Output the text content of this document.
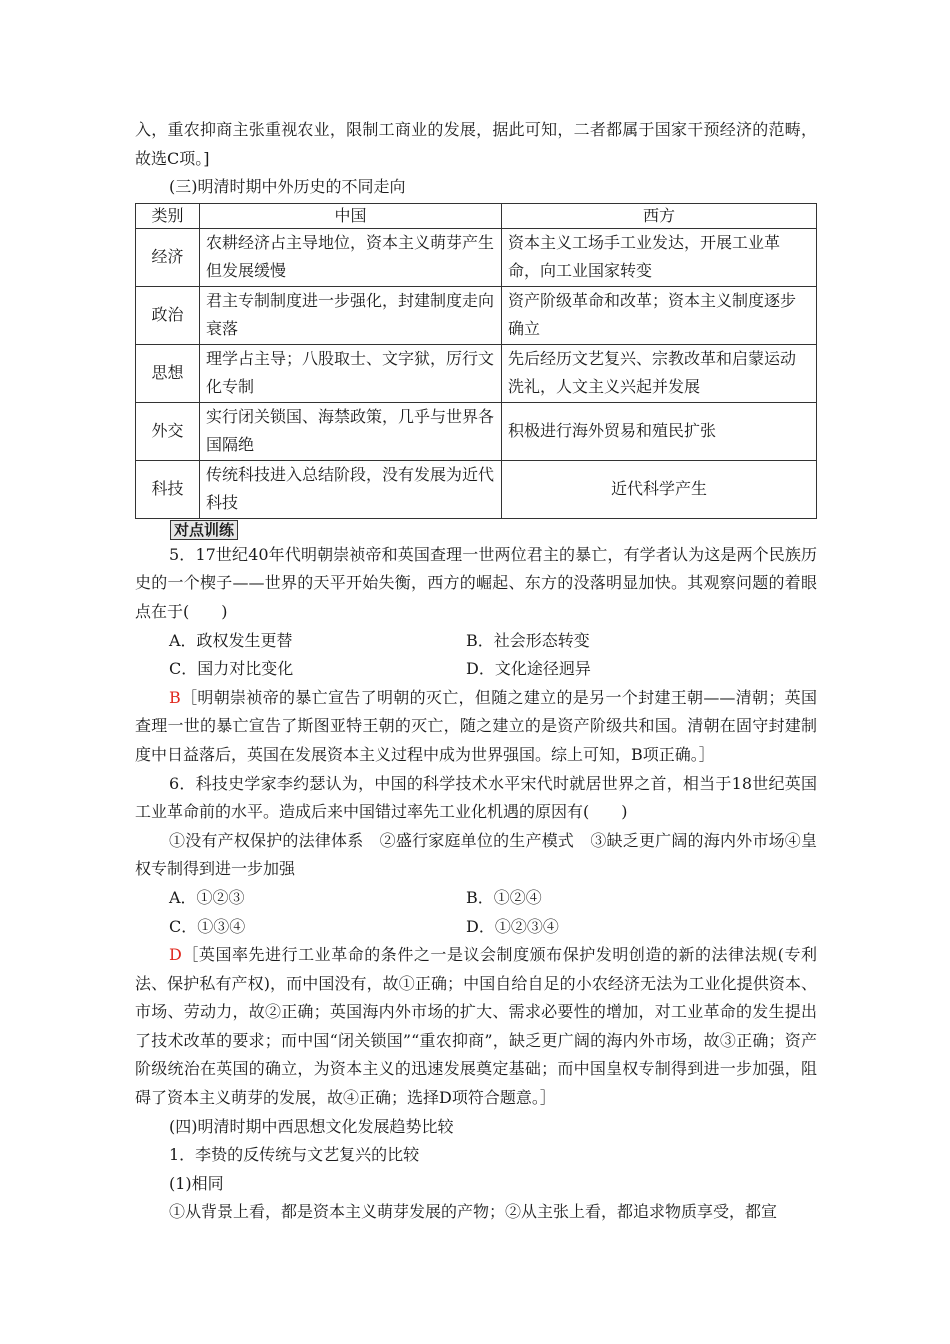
入，重农抑商主张重视农业，限制工商业的发展，据此可知，二者都属于国家干预经济的范畴，故选C项。]

(三)明清时期中外历史的不同走向

类别	中国	西方
经济	农耕经济占主导地位，资本主义萌芽产生但发展缓慢	资本主义工场手工业发达，开展工业革命，向工业国家转变
政治	君主专制制度进一步强化，封建制度走向衰落	资产阶级革命和改革；资本主义制度逐步确立
思想	理学占主导；八股取士、文字狱，厉行文化专制	先后经历文艺复兴、宗教改革和启蒙运动洗礼，人文主义兴起并发展
外交	实行闭关锁国、海禁政策，几乎与世界各国隔绝	积极进行海外贸易和殖民扩张
科技	传统科技进入总结阶段，没有发展为近代科技	近代科学产生
对点训练

5．17世纪40年代明朝崇祯帝和英国查理一世两位君主的暴亡，有学者认为这是两个民族历史的一个楔子——世界的天平开始失衡，西方的崛起、东方的没落明显加快。其观察问题的着眼点在于(　　)

A．政权发生更替	B．社会形态转变
C．国力对比变化	D．文化途径迥异

B［明朝崇祯帝的暴亡宣告了明朝的灭亡，但随之建立的是另一个封建王朝——清朝；英国查理一世的暴亡宣告了斯图亚特王朝的灭亡，随之建立的是资产阶级共和国。清朝在固守封建制度中日益落后，英国在发展资本主义过程中成为世界强国。综上可知，B项正确。］

6．科技史学家李约瑟认为，中国的科学技术水平宋代时就居世界之首，相当于18世纪英国工业革命前的水平。造成后来中国错过率先工业化机遇的原因有(　　)

①没有产权保护的法律体系　②盛行家庭单位的生产模式　③缺乏更广阔的海内外市场④皇权专制得到进一步加强

A．①②③	B．①②④
C．①③④	D．①②③④

D［英国率先进行工业革命的条件之一是议会制度颁布保护发明创造的新的法律法规(专利法、保护私有产权)，而中国没有，故①正确；中国自给自足的小农经济无法为工业化提供资本、市场、劳动力，故②正确；英国海内外市场的扩大、需求必要性的增加，对工业革命的发生提出了技术改革的要求；而中国“闭关锁国”“重农抑商”，缺乏更广阔的海内外市场，故③正确；资产阶级统治在英国的确立，为资本主义的迅速发展奠定基础；而中国皇权专制得到进一步加强，阻碍了资本主义萌芽的发展，故④正确；选择D项符合题意。］

(四)明清时期中西思想文化发展趋势比较

1．李贽的反传统与文艺复兴的比较

(1)相同

①从背景上看，都是资本主义萌芽发展的产物；②从主张上看，都追求物质享受，都宣
